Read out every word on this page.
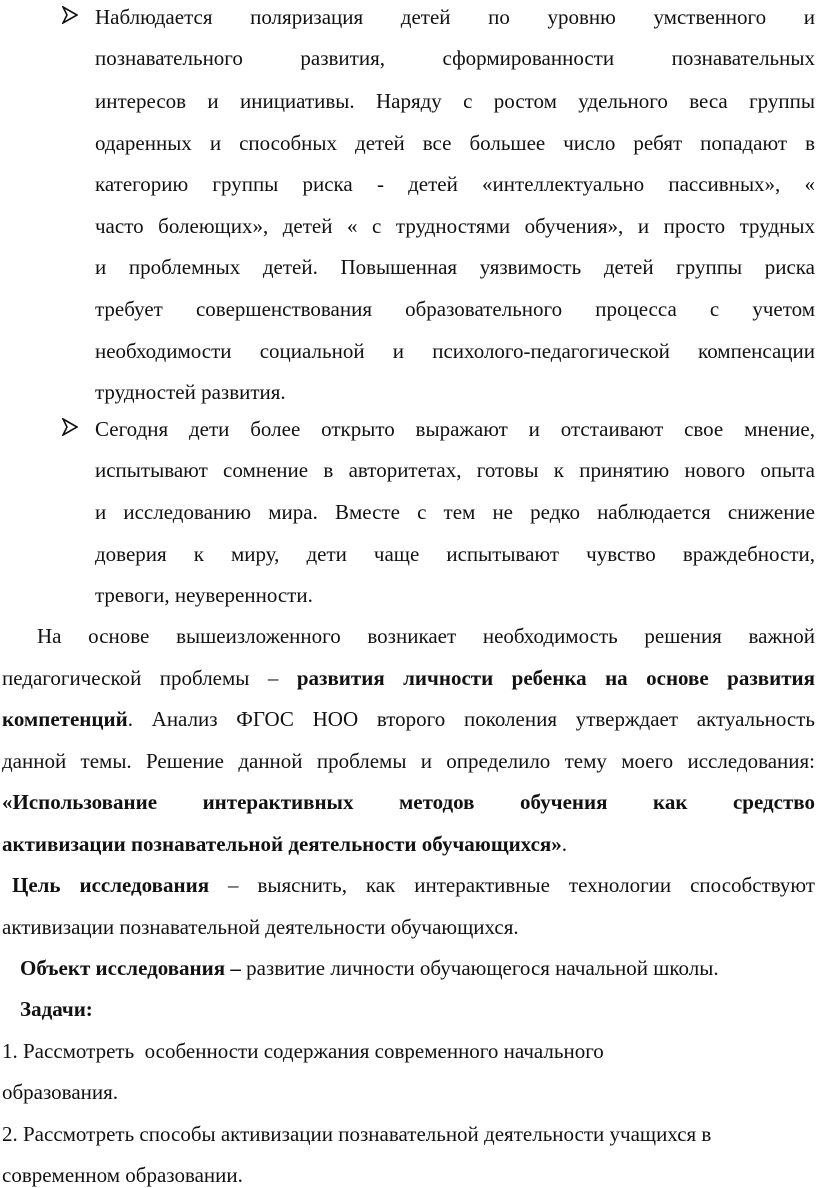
Наблюдается поляризация детей по уровню умственного и
познавательного развития, сформированности познавательных
интересов и инициативы. Наряду с ростом удельного веса группы
одаренных и способных детей все большее число ребят попадают в
категорию группы риска - детей «интеллектуально пассивных», «
часто болеющих», детей « с трудностями обучения», и просто трудных
и проблемных детей. Повышенная уязвимость детей группы риска
требует совершенствования образовательного процесса с учетом
необходимости социальной и психолого-педагогической компенсации
трудностей развития.
Сегодня дети более открыто выражают и отстаивают свое мнение,
испытывают сомнение в авторитетах, готовы к принятию нового опыта
и исследованию мира. Вместе с тем не редко наблюдается снижение
доверия к миру, дети чаще испытывают чувство враждебности,
тревоги, неуверенности.
На основе вышеизложенного возникает необходимость решения важной
педагогической проблемы – развития личности ребенка на основе развития
компетенций. Анализ ФГОС НОО второго поколения утверждает актуальность
данной темы. Решение данной проблемы и определило тему моего исследования:
«Использование интерактивных методов обучения как средство
активизации познавательной деятельности обучающихся».
Цель исследования – выяснить, как интерактивные технологии способствуют
активизации познавательной деятельности обучающихся.
Объект исследования – развитие личности обучающегося начальной школы.
Задачи:
1. Рассмотреть  особенности содержания современного начального
образования.
2. Рассмотреть способы активизации познавательной деятельности учащихся в
современном образовании.
